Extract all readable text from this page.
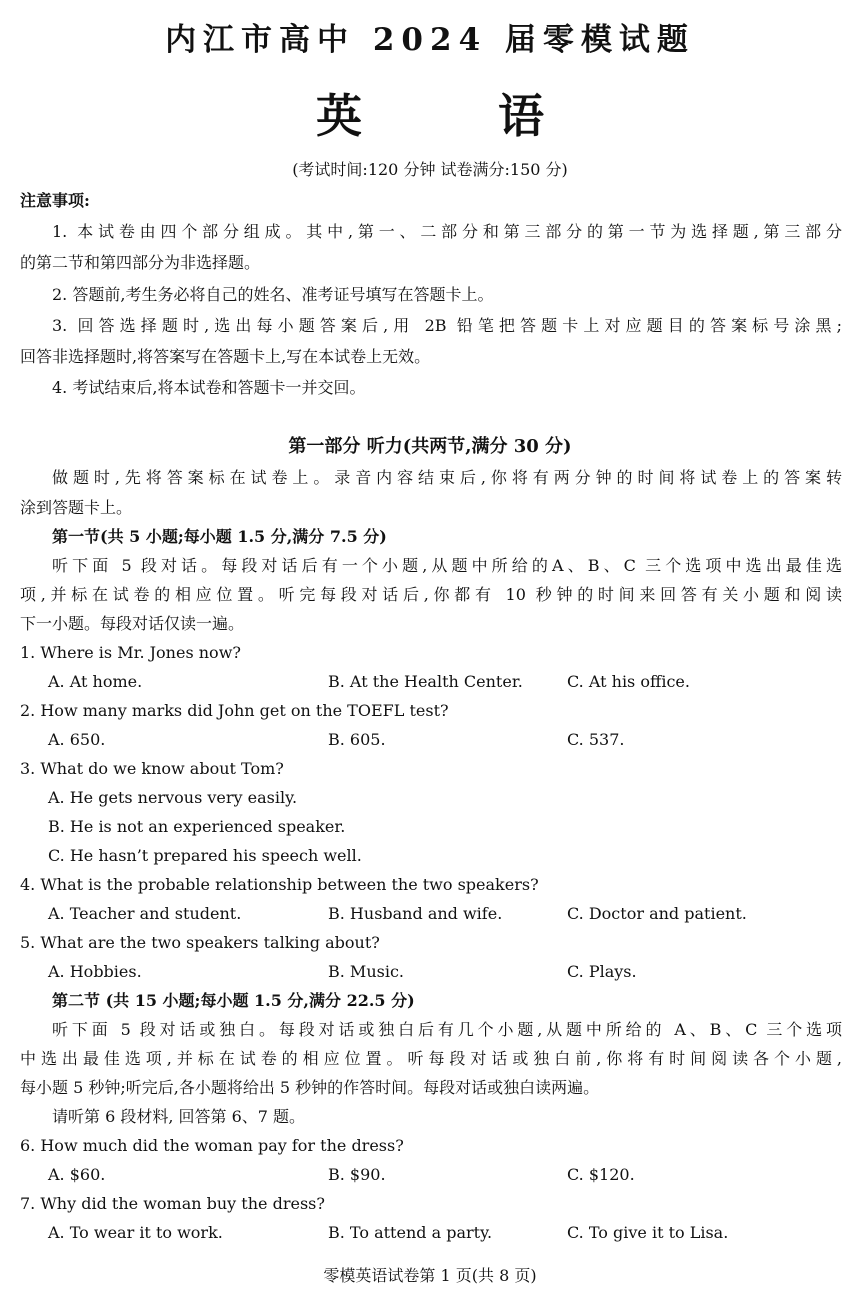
内江市高中 2024 届零模试题
英 语
(考试时间:120 分钟 试卷满分:150 分)
注意事项:
1. 本试卷由四个部分组成。其中,第一、二部分和第三部分的第一节为选择题,第三部分
的第二节和第四部分为非选择题。
2. 答题前,考生务必将自己的姓名、准考证号填写在答题卡上。
3. 回答选择题时,选出每小题答案后,用 2B 铅笔把答题卡上对应题目的答案标号涂黑;
回答非选择题时,将答案写在答题卡上,写在本试卷上无效。
4. 考试结束后,将本试卷和答题卡一并交回。
第一部分 听力(共两节,满分 30 分)
做题时,先将答案标在试卷上。录音内容结束后,你将有两分钟的时间将试卷上的答案转
涂到答题卡上。
第一节(共 5 小题;每小题 1.5 分,满分 7.5 分)
听下面 5 段对话。每段对话后有一个小题,从题中所给的A、B、C 三个选项中选出最佳选
项,并标在试卷的相应位置。听完每段对话后,你都有 10 秒钟的时间来回答有关小题和阅读
下一小题。每段对话仅读一遍。
1. Where is Mr. Jones now?
A. At home.	B. At the Health Center.	C. At his office.
2. How many marks did John get on the TOEFL test?
A. 650.	B. 605.	C. 537.
3. What do we know about Tom?
A. He gets nervous very easily.
B. He is not an experienced speaker.
C. He hasn’t prepared his speech well.
4. What is the probable relationship between the two speakers?
A. Teacher and student.	B. Husband and wife.	C. Doctor and patient.
5. What are the two speakers talking about?
A. Hobbies.	B. Music.	C. Plays.
第二节 (共 15 小题;每小题 1.5 分,满分 22.5 分)
听下面 5 段对话或独白。每段对话或独白后有几个小题,从题中所给的 A、B、C 三个选项
中选出最佳选项,并标在试卷的相应位置。听每段对话或独白前,你将有时间阅读各个小题,
每小题 5 秒钟;听完后,各小题将给出 5 秒钟的作答时间。每段对话或独白读两遍。
请听第 6 段材料, 回答第 6、7 题。
6. How much did the woman pay for the dress?
A. $60.	B. $90.	C. $120.
7. Why did the woman buy the dress?
A. To wear it to work.	B. To attend a party.	C. To give it to Lisa.
零模英语试卷第 1 页(共 8 页)
